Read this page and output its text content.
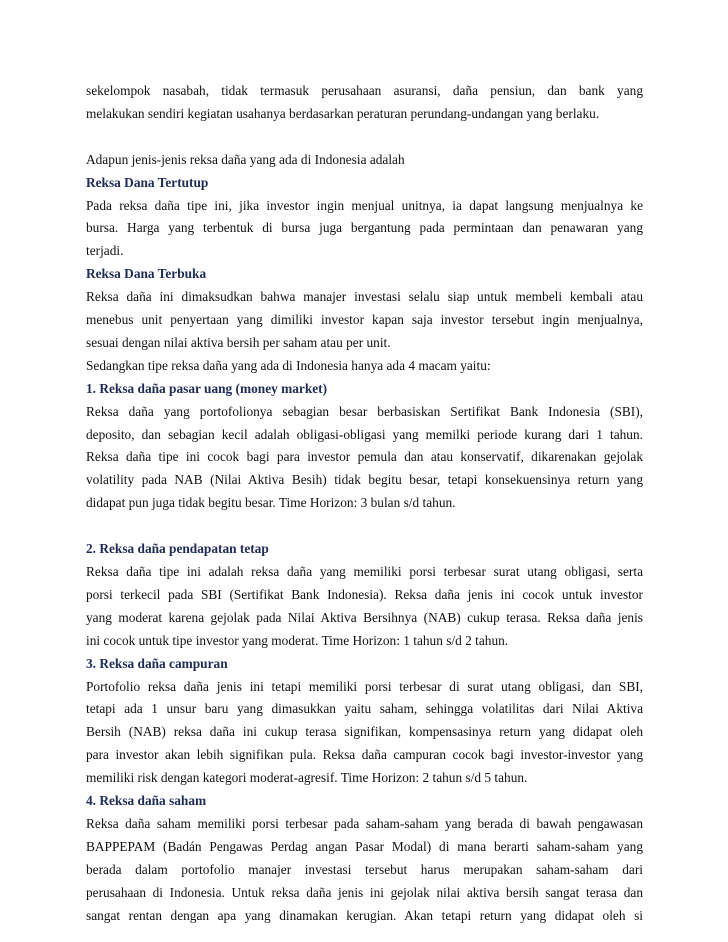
sekelompok nasabah, tidak termasuk perusahaan asuransi, daña pensiun, dan bank yang
melakukan sendiri kegiatan usahanya berdasarkan peraturan perundang-undangan yang berlaku.
Adapun jenis-jenis reksa daña yang ada di Indonesia adalah
Reksa Dana Tertutup
Pada reksa daña tipe ini, jika investor ingin menjual unitnya, ia dapat langsung menjualnya ke
bursa. Harga yang terbentuk di bursa juga bergantung pada permintaan dan penawaran yang
terjadi.
Reksa Dana Terbuka
Reksa daña ini dimaksudkan bahwa manajer investasi selalu siap untuk membeli kembali atau
menebus unit penyertaan yang dimiliki investor kapan saja investor tersebut ingin menjualnya,
sesuai dengan nilai aktiva bersih per saham atau per unit.
Sedangkan tipe reksa daña yang ada di Indonesia hanya ada 4 macam yaitu:
1. Reksa daña pasar uang (money market)
Reksa daña yang portofolionya sebagian besar berbasiskan Sertifikat Bank Indonesia (SBI),
deposito, dan sebagian kecil adalah obligasi-obligasi yang memilki periode kurang dari 1 tahun.
Reksa daña tipe ini cocok bagi para investor pemula dan atau konservatif, dikarenakan gejolak
volatility pada NAB (Nilai Aktiva Besih) tidak begitu besar, tetapi konsekuensinya return yang
didapat pun juga tidak begitu besar. Time Horizon: 3 bulan s/d tahun.
2. Reksa daña pendapatan tetap
Reksa daña tipe ini adalah reksa daña yang memiliki porsi terbesar surat utang obligasi, serta
porsi terkecil pada SBI (Sertifikat Bank Indonesia). Reksa daña jenis ini cocok untuk investor
yang moderat karena gejolak pada Nilai Aktiva Bersihnya (NAB) cukup terasa. Reksa daña jenis
ini cocok untuk tipe investor yang moderat. Time Horizon: 1 tahun s/d 2 tahun.
3. Reksa daña campuran
Portofolio reksa daña jenis ini tetapi memiliki porsi terbesar di surat utang obligasi, dan SBI,
tetapi ada 1 unsur baru yang dimasukkan yaitu saham, sehingga volatilitas dari Nilai Aktiva
Bersih (NAB) reksa daña ini cukup terasa signifikan, kompensasinya return yang didapat oleh
para investor akan lebih signifikan pula. Reksa daña campuran cocok bagi investor-investor yang
memiliki risk dengan kategori moderat-agresif. Time Horizon: 2 tahun s/d 5 tahun.
4. Reksa daña saham
Reksa daña saham memiliki porsi terbesar pada saham-saham yang berada di bawah pengawasan
BAPPEPAM (Badán Pengawas Perdag angan Pasar Modal) di mana berarti saham-saham yang
berada dalam portofolio manajer investasi tersebut harus merupakan saham-saham dari
perusahaan di Indonesia. Untuk reksa daña jenis ini gejolak nilai aktiva bersih sangat terasa dan
sangat rentan dengan apa yang dinamakan kerugian. Akan tetapi return yang didapat oleh si
